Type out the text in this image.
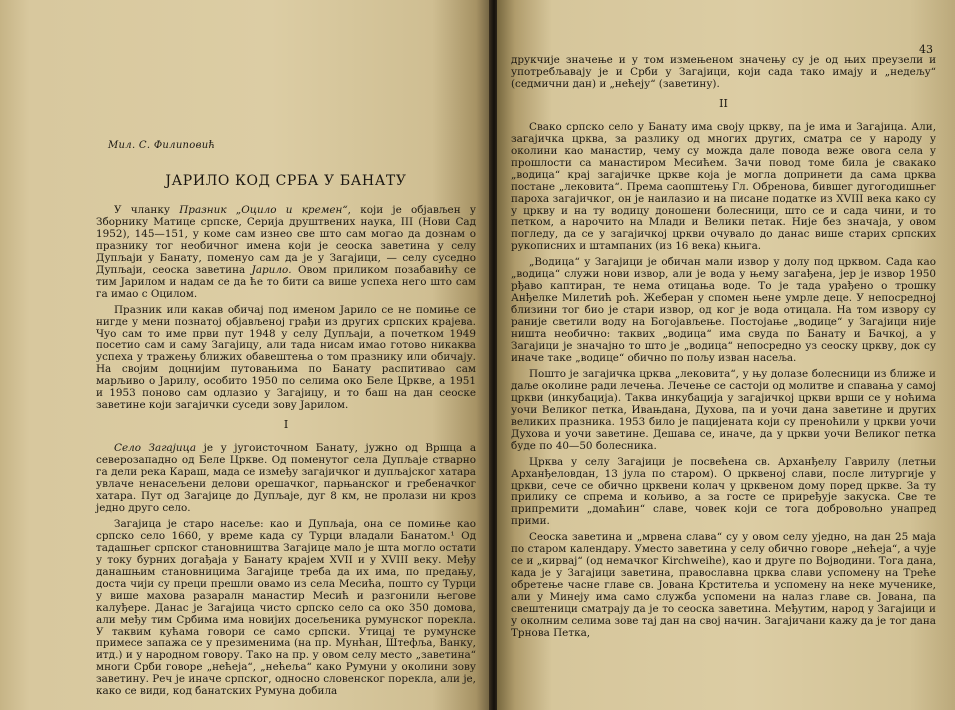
Мил. С. Филиповић
ЈАРИЛО КОД СРБА У БАНАТУ

У чланку Празник „Оцило и кремен“, који је објављен у Зборнику Матице српске, Серија друштвених наука, III (Нови Сад 1952), 145—151, у коме сам изнео све што сам могао да дознам о празнику тог необичног имена који је сеоска заветина у селу Дупљаји у Банату, поменуо сам да је у Загајици, — селу суседно Дупљаји, сеоска заветина Јарило. Овом приликом позабавићу се тим Јарилом и надам се да ће то бити са више успеха него што сам га имао с Оцилом.

Празник или какав обичај под именом Јарило се не помиње се нигде у мени познатој објављеној грађи из других српских крајева. Чуо сам то име први пут 1948 у селу Дупљаји, а почетком 1949 посетио сам и саму Загајицу, али тада нисам имао готово никаква успеха у тражењу ближих обавештења о том празнику или обичају. На својим доцнијим путовањима по Банату распитивао сам марљиво о Јарилу, особито 1950 по селима око Беле Цркве, а 1951 и 1953 поново сам одлазио у Загајицу, и то баш на дан сеоске заветине који загајички суседи зову Јарилом.

I

Село Загајица је у југоисточном Банату, јужно од Вршца а северозападно од Беле Цркве. Од поменутог села Дупљаје стварно га дели река Караш, мада се између загајичког и дупљајског хатара увлаче ненасељени делови орешачког, парњанског и гребеначког хатара. Пут од Загајице до Дупљаје, дуг 8 км, не пролази ни кроз једно друго село.

Загајица је старо насеље: као и Дупљаја, она се помиње као српско село 1660, у време када су Турци владали Банатом.¹ Од тадашњег српског становништва Загајице мало је шта могло остати у току бурних догађаја у Банату крајем XVII и у XVIII веку. Међу данашњим становницима Загајице треба да их има, по предању, доста чији су преци прешли овамо из села Месића, пошто су Турци у више махова разаралн манастир Месић и разгонили његове калуђере. Данас је Загајица чисто српско село са око 350 домова, али међу тим Србима има новијих досељеника румунског порекла. У таквим кућама говори се само српски. Утицај те румунске примесе запажа се у презименима (на пр. Мунћан, Штефља, Ванку, итд.) и у народном говору. Тако на пр. у овом селу место „заветина“ многи Срби говоре „нећеја“, „нећеља“ како Румуни у околини зову заветину. Реч је иначе српског, односно словенског порекла, али је, како се види, код банатских Румуна добила

43

друкчије значење и у том измењеном значењу су је од њих преузели и употребљавају је и Срби у Загајици, који сада тако имају и „недељу“ (седмични дан) и „нећеју“ (заветину).

II

Свако српско село у Банату има своју цркву, па је има и Загајица. Али, загајичка црква, за разлику од многих других, сматра се у народу у околини као манастир, чему су можда дале повода веже овога села у прошлости са манастиром Месићем. Зачи повод томе била је свакако „водица“ крај загајичке цркве која је могла допринети да сама црква постане „лековита“. Према саопштењу Гл. Обренова, бившег дугогодишњег пароха загајичког, он је наилазио и на писане податке из XVIII века како су у цркву и на ту водицу доношени болесници, што се и сада чини, и то петком, а нарочито на Млади и Велики петак. Није без значаја, у овом погледу, да се у загајичкој цркви очувало до данас више старих српских рукописних и штампаних (из 16 века) књига.

„Водица“ у Загајици је обичан мали извор у долу под црквом. Сада као „водица“ служи нови извор, али је вода у њему загађена, јер је извор 1950 рђаво каптиран, те нема отицања воде. То је тада урађено о трошку Анђелке Милетић роћ. Жеберан у спомен њене умрле деце. У непосредној близини тог био је стари извор, од ког је вода отицала. На том извору су раније светили воду на Богојављење. Постојање „водице“ у Загајици није ништа необично: таквих „водица“ има свуда по Банату и Бачкој, а у Загајици је значајно то што је „водица“ непосредно уз сеоску цркву, док су иначе таке „водице“ обично по пољу изван насеља.

Пошто је загајичка црква „лековита“, у њу долазе болесници из ближе и даље околине ради лечења. Лечење се састоји од молитве и спавања у самој цркви (инкубација). Таква инкубација у загајичкој цркви врши се у ноћима уочи Великог петка, Ивањдана, Духова, па и уочи дана заветине и других великих празника. 1953 било је пацијената који су преноћили у цркви уочи Духова и уочи заветине. Дешава се, иначе, да у цркви уочи Великог петка буде по 40—50 болесника.

Црква у селу Загајици је посвећена св. Арханђелу Гаврилу (летњи Арханђеловдан, 13 јула по старом). О црквеној слави, после литургије у цркви, сече се обично црквени колач у црквеном дому поред цркве. За ту прилику се спрема и кољиво, а за госте се приређује закуска. Све те припремити „домаћин“ славе, човек који се тога добровољно унапред прими.

Сеоска заветина и „мрвена слава“ су у овом селу уједно, на дан 25 маја по старом календару. Уместо заветина у селу обично говоре „нећеја“, а чује се и „кирвај“ (од немачког Kirchweihe), као и друге по Војводини. Тога дана, када је у Загајици заветина, православна црква слави успомену на Треће обретење часне главе св. Јована Крститеља и успомену на неке мученике, али у Минеју има само служба успомени на налаз главе св. Јована, па свештеници сматрају да је то сеоска заветина. Међутим, народ у Загајици и у околним селима зове тај дан на свој начин. Загајичани кажу да је тог дана Трнова Петка,
